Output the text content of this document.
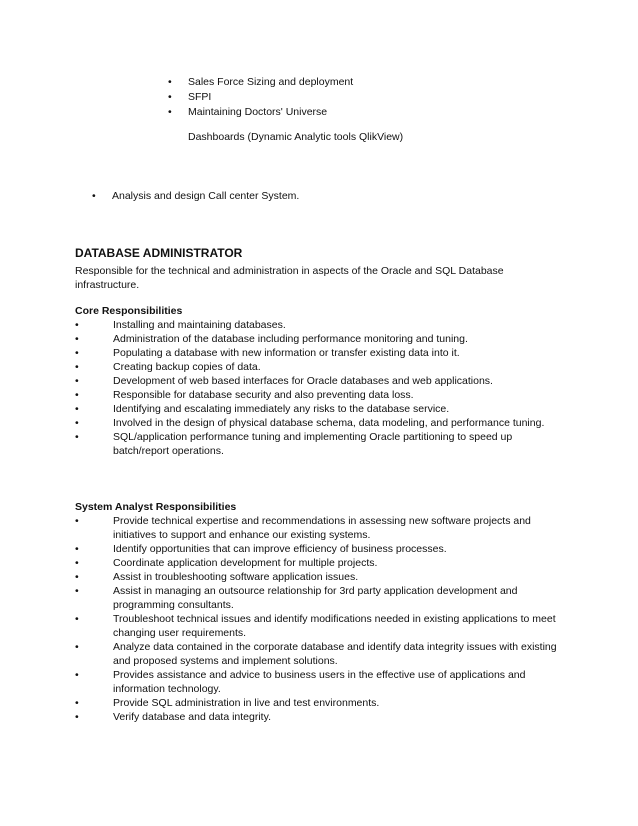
• Sales Force Sizing and deployment
• SFPI
• Maintaining Doctors' Universe
Dashboards (Dynamic Analytic tools QlikView)
• Analysis and design Call center System.
DATABASE ADMINISTRATOR
Responsible for the technical and administration in aspects of the Oracle and SQL Database infrastructure.
Core Responsibilities
•	Installing and maintaining databases.
•	Administration of the database including performance monitoring and tuning.
•	Populating a database with new information or transfer existing data into it.
•	Creating backup copies of data.
•	Development of web based interfaces for Oracle databases and web applications.
•	Responsible for database security and also preventing data loss.
•	Identifying and escalating immediately any risks to the database service.
•	Involved in the design of physical database schema, data modeling, and performance tuning.
•	SQL/application performance tuning and implementing Oracle partitioning to speed up batch/report operations.
System Analyst Responsibilities
•	Provide technical expertise and recommendations in assessing new software projects and initiatives to support and enhance our existing systems.
•	Identify opportunities that can improve efficiency of business processes.
•	Coordinate application development for multiple projects.
•	Assist in troubleshooting software application issues.
•	Assist in managing an outsource relationship for 3rd party application development and programming consultants.
•	Troubleshoot technical issues and identify modifications needed in existing applications to meet changing user requirements.
•	Analyze data contained in the corporate database and identify data integrity issues with existing and proposed systems and implement solutions.
•	Provides assistance and advice to business users in the effective use of applications and information technology.
•	Provide SQL administration in live and test environments.
•	Verify database and data integrity.
